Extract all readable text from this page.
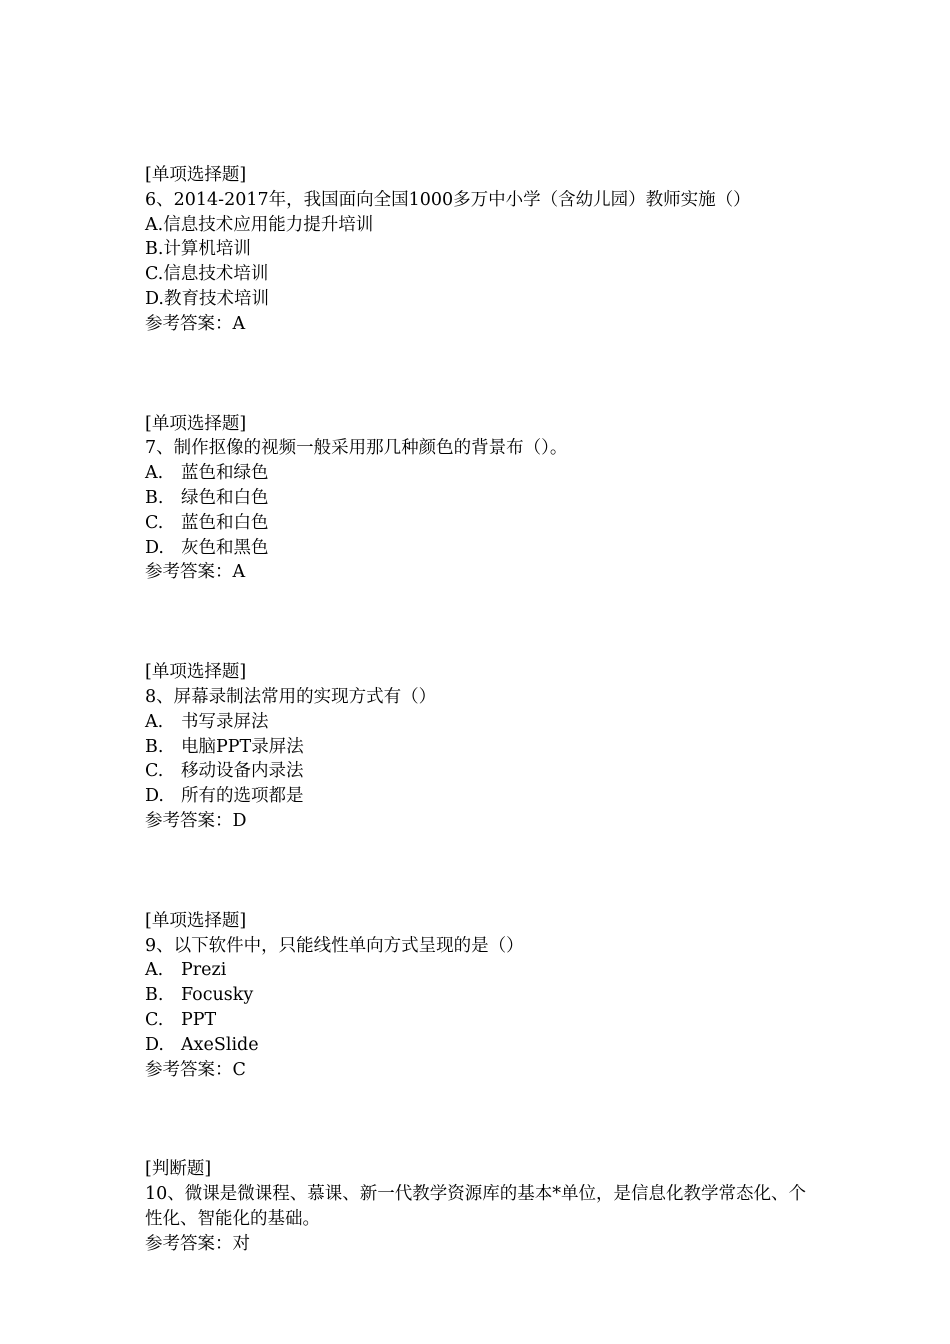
[单项选择题]
6、2014-2017年，我国面向全国1000多万中小学（含幼儿园）教师实施（）
A.信息技术应用能力提升培训
B.计算机培训
C.信息技术培训
D.教育技术培训
参考答案：A
[单项选择题]
7、制作抠像的视频一般采用那几种颜色的背景布（）。
A. 蓝色和绿色
B. 绿色和白色
C. 蓝色和白色
D. 灰色和黑色
参考答案：A
[单项选择题]
8、屏幕录制法常用的实现方式有（）
A. 书写录屏法
B. 电脑PPT录屏法
C. 移动设备内录法
D. 所有的选项都是
参考答案：D
[单项选择题]
9、以下软件中，只能线性单向方式呈现的是（）
A. Prezi
B. Focusky
C. PPT
D. AxeSlide
参考答案：C
[判断题]
10、微课是微课程、慕课、新一代教学资源库的基本*单位，是信息化教学常态化、个性化、智能化的基础。
参考答案：对
